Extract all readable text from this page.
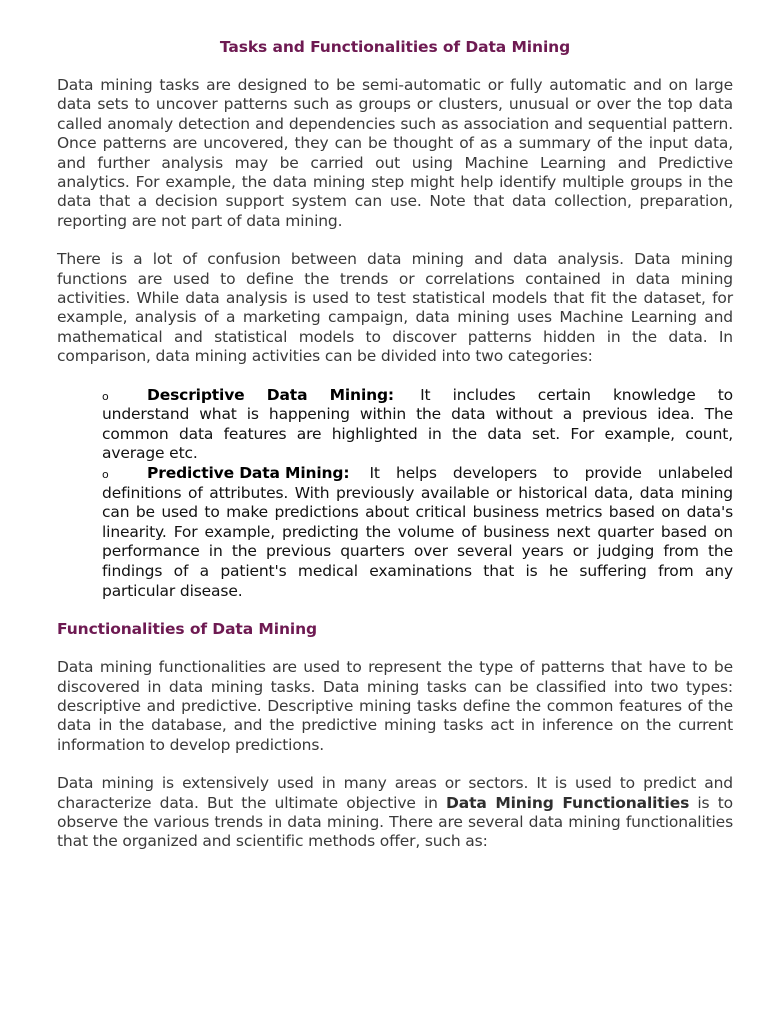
Tasks and Functionalities of Data Mining

Data mining tasks are designed to be semi-automatic or fully automatic and on large data sets to uncover patterns such as groups or clusters, unusual or over the top data called anomaly detection and dependencies such as association and sequential pattern. Once patterns are uncovered, they can be thought of as a summary of the input data, and further analysis may be carried out using Machine Learning and Predictive analytics. For example, the data mining step might help identify multiple groups in the data that a decision support system can use. Note that data collection, preparation, reporting are not part of data mining.

There is a lot of confusion between data mining and data analysis. Data mining functions are used to define the trends or correlations contained in data mining activities. While data analysis is used to test statistical models that fit the dataset, for example, analysis of a marketing campaign, data mining uses Machine Learning and mathematical and statistical models to discover patterns hidden in the data. In comparison, data mining activities can be divided into two categories:

o Descriptive Data Mining: It includes certain knowledge to understand what is happening within the data without a previous idea. The common data features are highlighted in the data set. For example, count, average etc.
o Predictive Data Mining: It helps developers to provide unlabeled definitions of attributes. With previously available or historical data, data mining can be used to make predictions about critical business metrics based on data's linearity. For example, predicting the volume of business next quarter based on performance in the previous quarters over several years or judging from the findings of a patient's medical examinations that is he suffering from any particular disease.
Functionalities of Data Mining

Data mining functionalities are used to represent the type of patterns that have to be discovered in data mining tasks. Data mining tasks can be classified into two types: descriptive and predictive. Descriptive mining tasks define the common features of the data in the database, and the predictive mining tasks act in inference on the current information to develop predictions.

Data mining is extensively used in many areas or sectors. It is used to predict and characterize data. But the ultimate objective in Data Mining Functionalities is to observe the various trends in data mining. There are several data mining functionalities that the organized and scientific methods offer, such as:
